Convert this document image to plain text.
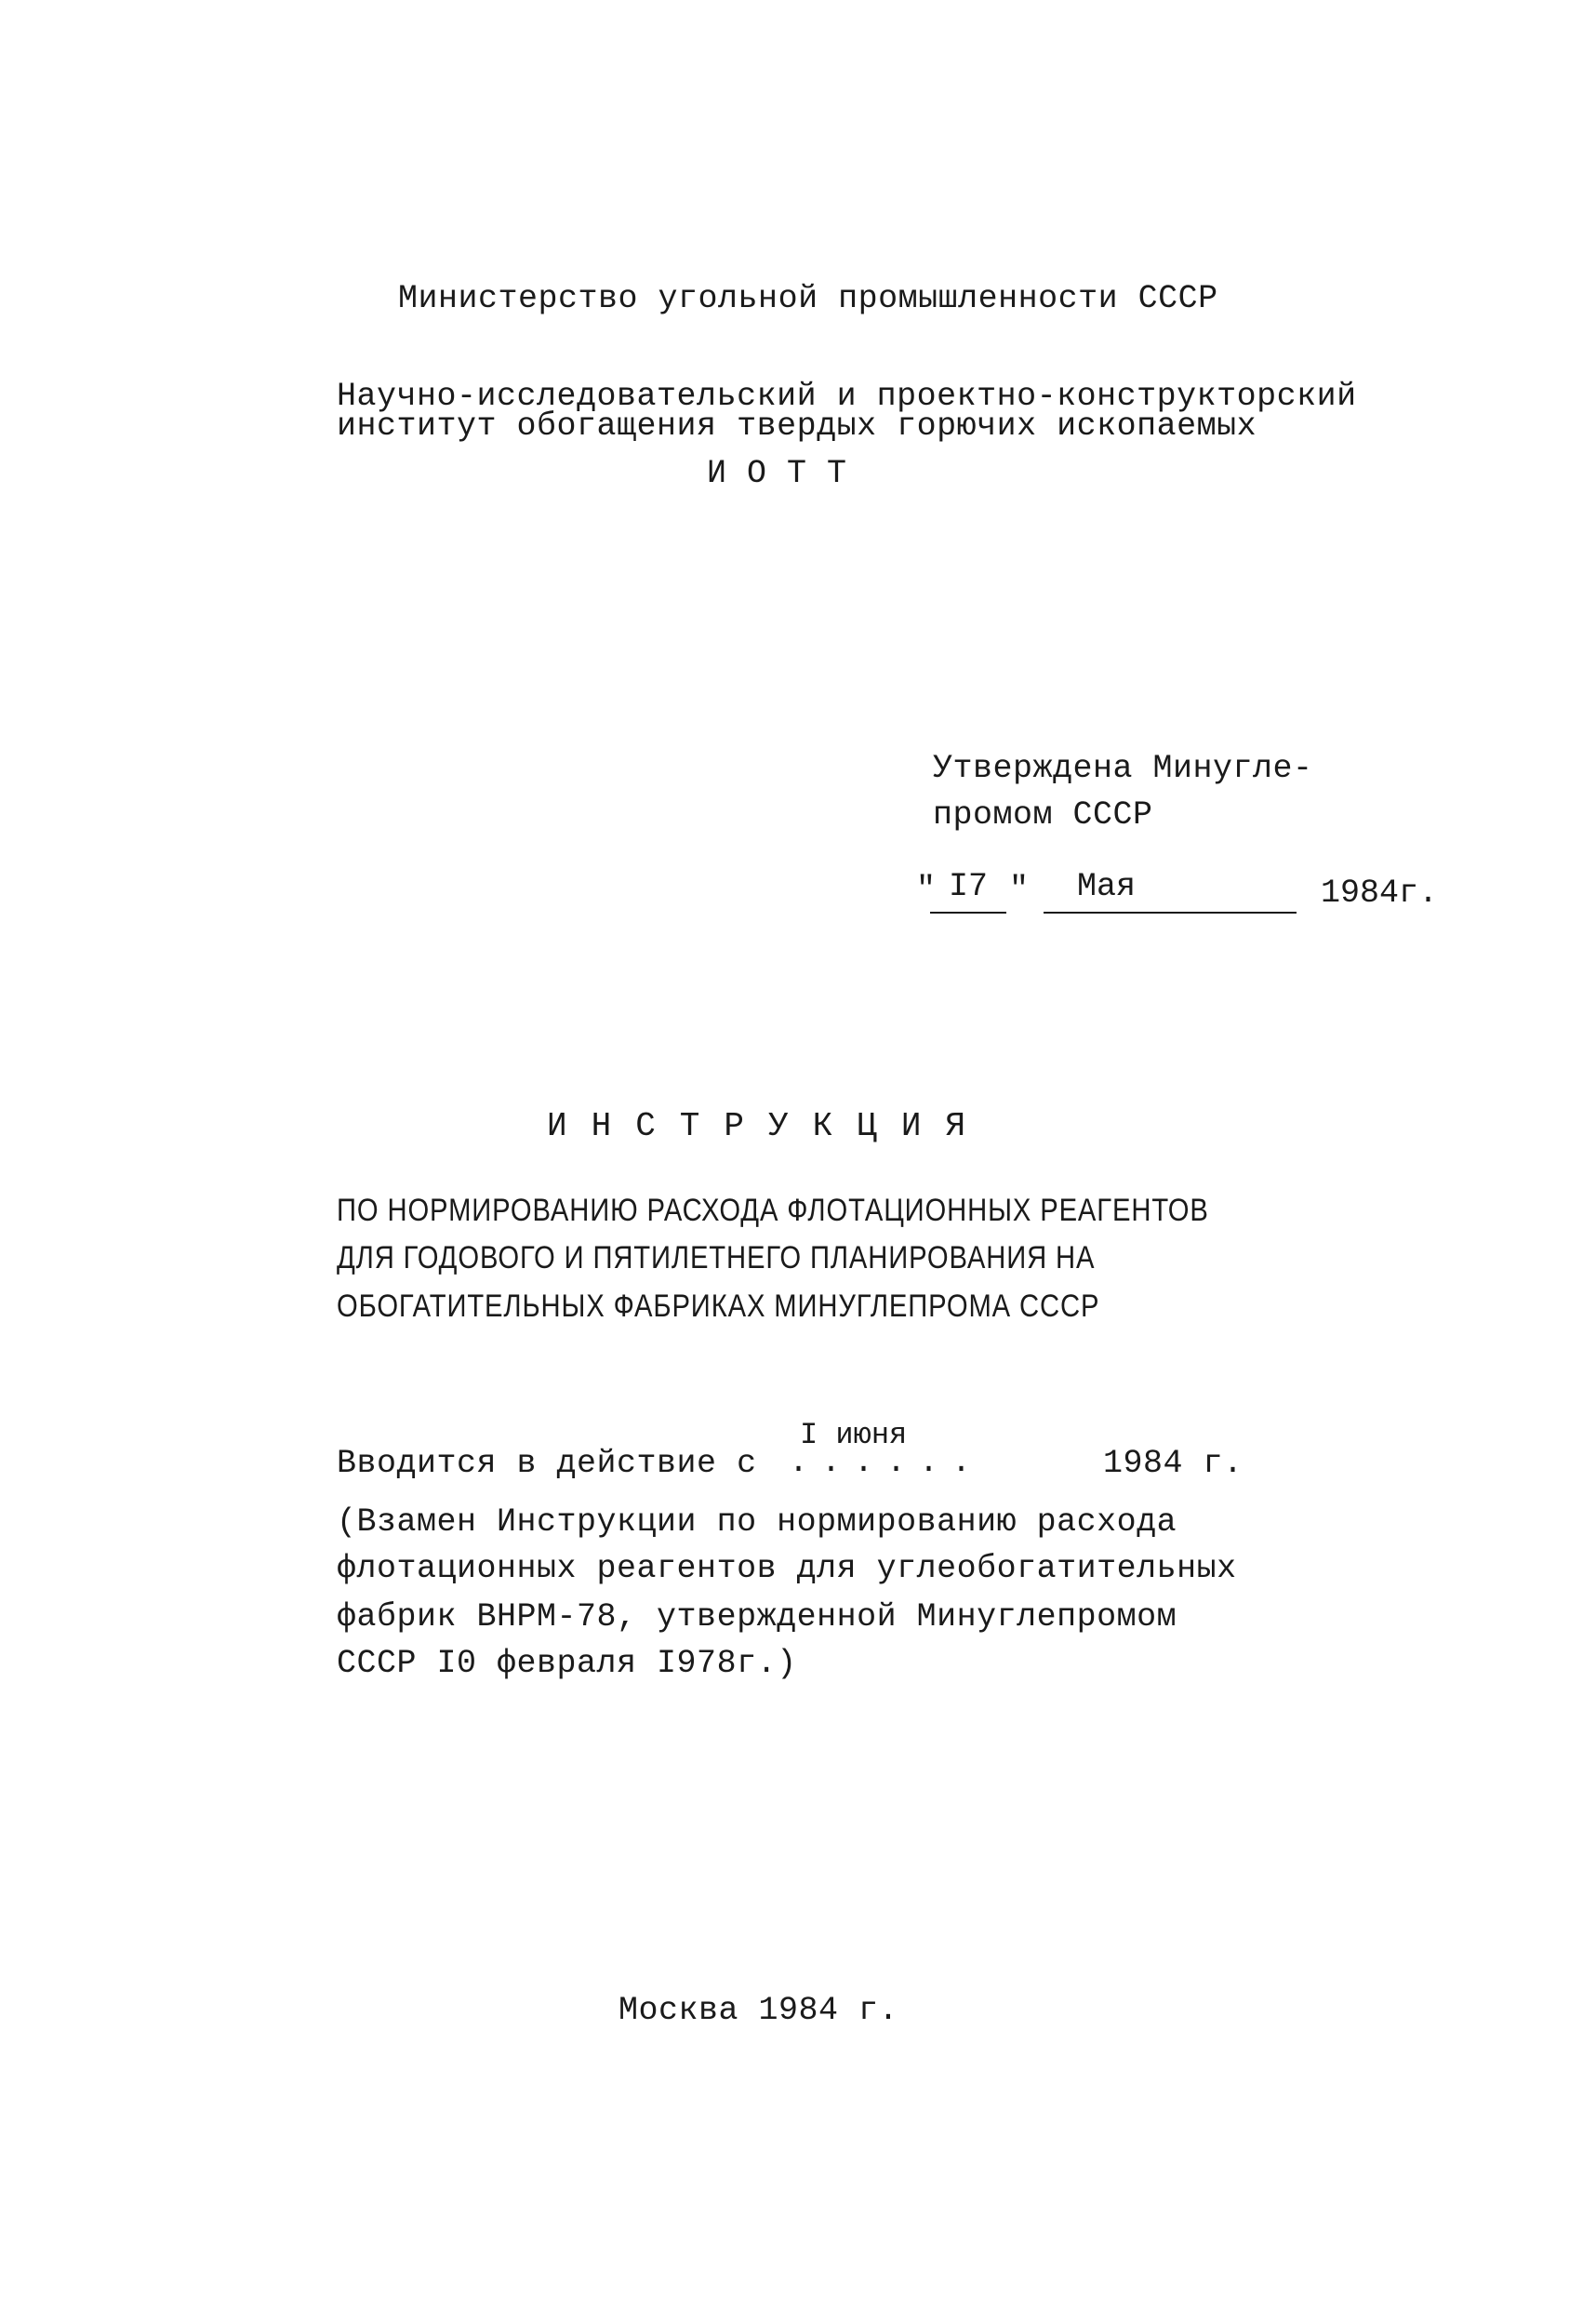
Министерство угольной промышленности СССР
Научно-исследовательский и проектно-конструкторский
институт обогащения твердых горючих ископаемых
ИОТТ
Утверждена Минугле-
промом СССР
" I7 " Мая	1984г.
ИНСТРУКЦИЯ
ПО НОРМИРОВАНИЮ РАСХОДА ФЛОТАЦИОННЫХ РЕАГЕНТОВ
ДЛЯ ГОДОВОГО И ПЯТИЛЕТНЕГО ПЛАНИРОВАНИЯ НА
ОБОГАТИТЕЛЬНЫХ ФАБРИКАХ МИНУГЛЕПРОМА СССР
Вводится в действие с
I июня
......	1984 г.
(Взамен Инструкции по нормированию расхода
флотационных реагентов для углеобогатительных
фабрик ВНРМ-78, утвержденной Минуглепромом
СССР I0 февраля I978г.)
Москва 1984 г.
